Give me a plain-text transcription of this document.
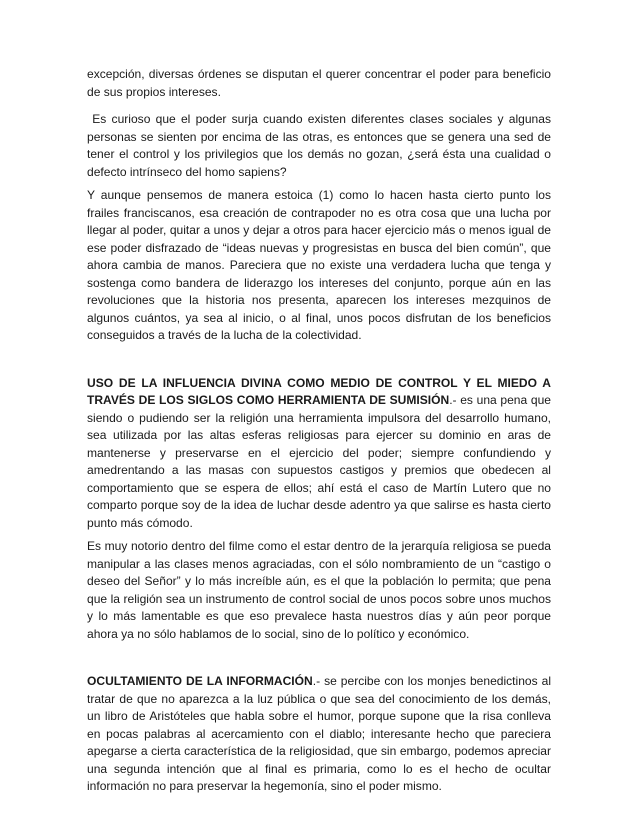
excepción, diversas órdenes se disputan el querer concentrar el poder para beneficio de sus propios intereses.

Es curioso que el poder surja cuando existen diferentes clases sociales y algunas personas se sienten por encima de las otras, es entonces que se genera una sed de tener el control y los privilegios que los demás no gozan, ¿será ésta una cualidad o defecto intrínseco del homo sapiens?

Y aunque pensemos de manera estoica (1) como lo hacen hasta cierto punto los frailes franciscanos, esa creación de contrapoder no es otra cosa que una lucha por llegar al poder, quitar a unos y dejar a otros para hacer ejercicio más o menos igual de ese poder disfrazado de “ideas nuevas y progresistas en busca del bien común”, que ahora cambia de manos. Pareciera que no existe una verdadera lucha que tenga y sostenga como bandera de liderazgo los intereses del conjunto, porque aún en las revoluciones que la historia nos presenta, aparecen los intereses mezquinos de algunos cuántos, ya sea al inicio, o al final, unos pocos disfrutan de los beneficios conseguidos a través de la lucha de la colectividad.

USO DE LA INFLUENCIA DIVINA COMO MEDIO DE CONTROL Y EL MIEDO A TRAVÉS DE LOS SIGLOS COMO HERRAMIENTA DE SUMISIÓN.- es una pena que siendo o pudiendo ser la religión una herramienta impulsora del desarrollo humano, sea utilizada por las altas esferas religiosas para ejercer su dominio en aras de mantenerse y preservarse en el ejercicio del poder; siempre confundiendo y amedrentando a las masas con supuestos castigos y premios que obedecen al comportamiento que se espera de ellos; ahí está el caso de Martín Lutero que no comparto porque soy de la idea de luchar desde adentro ya que salirse es hasta cierto punto más cómodo.

Es muy notorio dentro del filme como el estar dentro de la jerarquía religiosa se pueda manipular a las clases menos agraciadas, con el sólo nombramiento de un “castigo o deseo del Señor” y lo más increíble aún, es el que la población lo permita; que pena que la religión sea un instrumento de control social de unos pocos sobre unos muchos y lo más lamentable es que eso prevalece hasta nuestros días y aún peor porque ahora ya no sólo hablamos de lo social, sino de lo político y económico.

OCULTAMIENTO DE LA INFORMACIÓN.- se percibe con los monjes benedictinos al tratar de que no aparezca a la luz pública o que sea del conocimiento de los demás, un libro de Aristóteles que habla sobre el humor, porque supone que la risa conlleva en pocas palabras al acercamiento con el diablo; interesante hecho que pareciera apegarse a cierta característica de la religiosidad, que sin embargo, podemos apreciar una segunda intención que al final es primaria, como lo es el hecho de ocultar información no para preservar la hegemonía, sino el poder mismo.
